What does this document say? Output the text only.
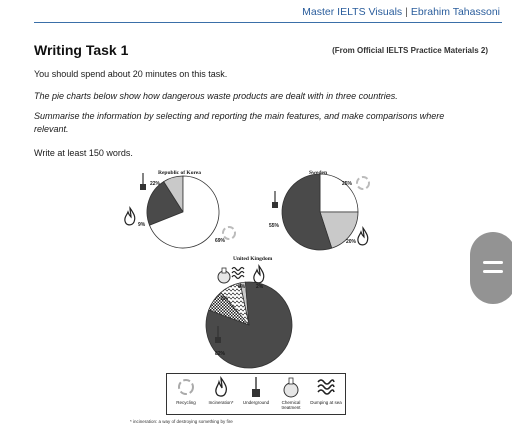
Master IELTS Visuals | Ebrahim Tahassoni
Writing Task 1	(From Official IELTS Practice Materials 2)
You should spend about 20 minutes on this task.
The pie charts below show how dangerous waste products are dealt with in three countries.
Summarise the information by selecting and reporting the main features, and make comparisons where relevant.
Write at least 150 words.
Republic of Korea
22%
9%
69%
Sweden
25%
55%
20%
United Kingdom
8% 2%
8%
82%
Recycling	Incineration*	Underground	Chemical treatment
Dumping at sea
* incineration: a way of destroying something by fire
